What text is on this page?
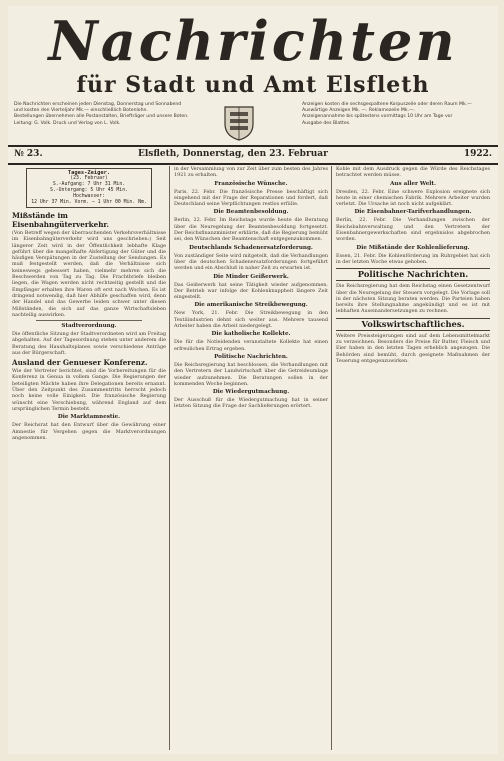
Nachrichten
für Stadt und Amt Elsfleth
Die Nachrichten erscheinen jeden Dienstag, Donnerstag und Sonnabend
und kosten den Vierteljahr Mk.— einschließlich Botenlohn.
Bestellungen übernehmen alle Postanstalten, Briefträger und unsere Boten.
Leitung: G. Volk. Druck und Verlag von L. Volk.
Anzeigen kosten die sechsgespaltene Korpuszeile oder deren Raum Mk.—
Auswärtige Anzeigen Mk. —. Reklamezeile Mk.—.
Anzeigenannahme bis spätestens vormittags 10 Uhr am Tage vor
Ausgabe des Blattes.
№ 23.	Elsfleth, Donnerstag, den 23. Februar	1922.
Tages-Zeiger.
(23. Februar)
S.-Aufgang: 7 Uhr 31 Min.
S.-Untergang: 5 Uhr 45 Min.
Hochwasser:
12 Uhr 37 Min. Vorm. — 1 Uhr 00 Min. Nm.
Mißstände im Eisenbahngüterverkehr.

(Von Betreff wegen der überraschenden Verkehrsverhältnisse im Eisenbahngüterverkehr wird uns geschrieben:) Seit längerer Zeit wird in der Öffentlichkeit lebhafte Klage geführt über die mangelhafte Abfertigung der Güter und die häufigen Verspätungen in der Zustellung der Sendungen. Es muß festgestellt werden, daß die Verhältnisse sich keineswegs gebessert haben, vielmehr mehren sich die Beschwerden von Tag zu Tag. Die Frachtbriefe bleiben liegen, die Wagen werden nicht rechtzeitig gestellt und die Empfänger erhalten ihre Waren oft erst nach Wochen. Es ist dringend notwendig, daß hier Abhilfe geschaffen wird, denn der Handel und das Gewerbe leiden schwer unter diesen Mißständen, die sich auf das ganze Wirtschaftsleben nachteilig auswirken.

Stadtverordnung.

Die öffentliche Sitzung der Stadtverordneten wird am Freitag abgehalten. Auf der Tagesordnung stehen unter anderem die Beratung des Haushaltsplanes sowie verschiedene Anträge aus der Bürgerschaft.

Ausland der Genueser Konferenz.

Wie der Vertreter berichtet, sind die Vorbereitungen für die Konferenz in Genua in vollem Gange. Die Regierungen der beteiligten Mächte haben ihre Delegationen bereits ernannt. Über den Zeitpunkt des Zusammentritts herrscht jedoch noch keine volle Einigkeit. Die französische Regierung wünscht eine Verschiebung, während England auf dem ursprünglichen Termin besteht.

Die Marktamnestie.

Der Reichsrat hat den Entwurf über die Gewährung einer Amnestie für Vergehen gegen die Marktverordnungen angenommen.

in der Versammlung von zur Zeit über zum besten des Jahres 1921 zu erhalten.

Französische Wünsche.

Paris, 22. Febr. Die französische Presse beschäftigt sich eingehend mit der Frage der Reparationen und fordert, daß Deutschland seine Verpflichtungen restlos erfülle.

Die Beamtenbesoldung.

Berlin, 22. Febr. Im Reichstage wurde heute die Beratung über die Neuregelung der Beamtenbesoldung fortgesetzt. Der Reichsfinanzminister erklärte, daß die Regierung bemüht sei, den Wünschen der Beamtenschaft entgegenzukommen.

Deutschlands Schadenersatzforderung.

Von zuständiger Seite wird mitgeteilt, daß die Verhandlungen über die deutschen Schadenersatzforderungen fortgeführt werden und ein Abschluß in naher Zeit zu erwarten ist.

Die Minder Geißerwerk.

Das Geißerwerk hat seine Tätigkeit wieder aufgenommen. Der Betrieb war infolge der Kohlenknappheit längere Zeit eingestellt.

Die amerikanische Streikbewegung.

New York, 21. Febr. Die Streikbewegung in den Textilindustrien dehnt sich weiter aus. Mehrere tausend Arbeiter haben die Arbeit niedergelegt.

Die katholische Kollekte.

Die für die Notleidenden veranstaltete Kollekte hat einen erfreulichen Ertrag ergeben.

Politische Nachrichten.

Die Reichsregierung hat beschlossen, die Verhandlungen mit den Vertretern der Landwirtschaft über die Getreideumlage wieder aufzunehmen. Die Beratungen sollen in der kommenden Woche beginnen.

Die Wiedergutmachung.

Der Ausschuß für die Wiedergutmachung hat in seiner letzten Sitzung die Frage der Sachlieferungen erörtert.

Kohle mit dem Ausdruck gegen die Würde des Reichstages betrachtet werden müsse.

Aus aller Welt.

Dresden, 22. Febr. Eine schwere Explosion ereignete sich heute in einer chemischen Fabrik. Mehrere Arbeiter wurden verletzt. Die Ursache ist noch nicht aufgeklärt.

Die Eisenbahner-Tarifverhandlungen.

Berlin, 22. Febr. Die Verhandlungen zwischen der Reichsbahnverwaltung und den Vertretern der Eisenbahnergewerkschaften sind ergebnislos abgebrochen worden.

Die Mißstände der Kohlenlieferung.

Essen, 21. Febr. Die Kohlenförderung im Ruhrgebiet hat sich in der letzten Woche etwas gehoben.

Politische Nachrichten.

Die Reichsregierung hat dem Reichstag einen Gesetzentwurf über die Neuregelung der Steuern vorgelegt. Die Vorlage soll in der nächsten Sitzung beraten werden. Die Parteien haben bereits ihre Stellungnahme angekündigt und es ist mit lebhaften Auseinandersetzungen zu rechnen.

Volkswirtschaftliches.

Weitere Preissteigerungen sind auf dem Lebensmittelmarkt zu verzeichnen. Besonders die Preise für Butter, Fleisch und Eier haben in den letzten Tagen erheblich angezogen. Die Behörden sind bemüht, durch geeignete Maßnahmen der Teuerung entgegenzuwirken.
